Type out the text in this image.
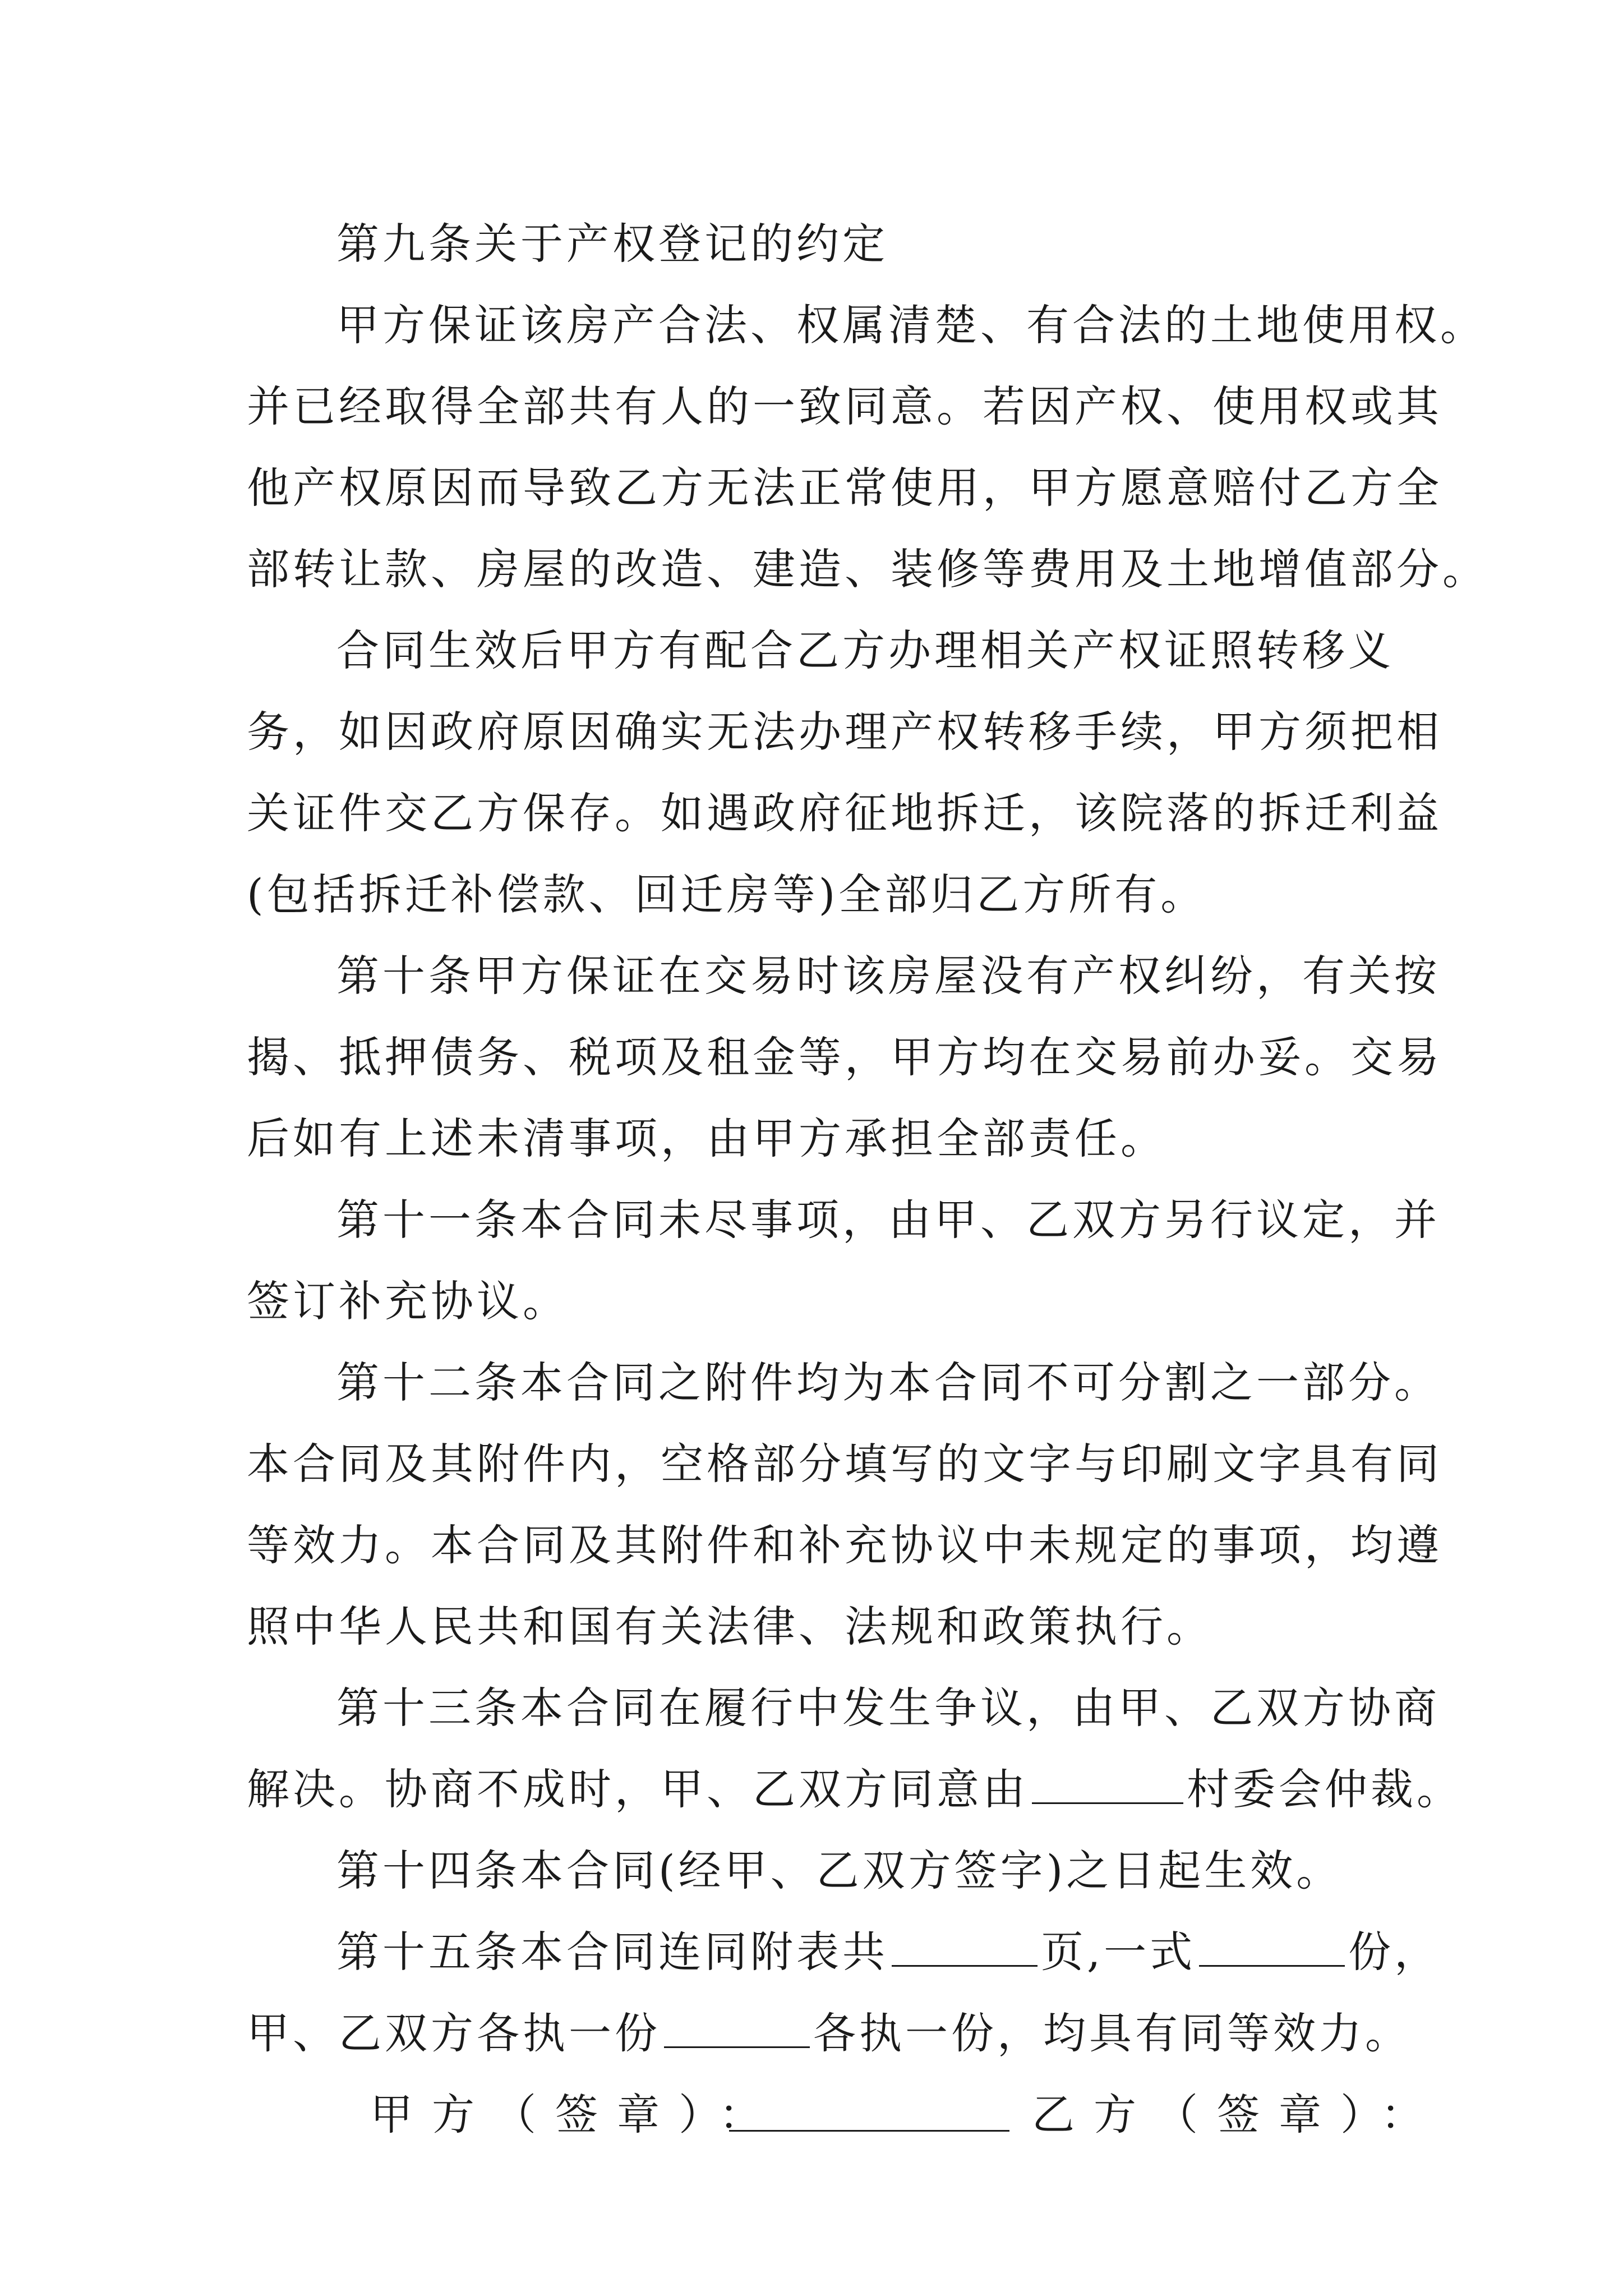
第九条关于产权登记的约定
甲方保证该房产合法、权属清楚、有合法的土地使用权。
并已经取得全部共有人的一致同意。若因产权、使用权或其
他产权原因而导致乙方无法正常使用，甲方愿意赔付乙方全
部转让款、房屋的改造、建造、装修等费用及土地增值部分。
合同生效后甲方有配合乙方办理相关产权证照转移义
务，如因政府原因确实无法办理产权转移手续，甲方须把相
关证件交乙方保存。如遇政府征地拆迁，该院落的拆迁利益
(包括拆迁补偿款、回迁房等)全部归乙方所有。
第十条甲方保证在交易时该房屋没有产权纠纷，有关按
揭、抵押债务、税项及租金等，甲方均在交易前办妥。交易
后如有上述未清事项，由甲方承担全部责任。
第十一条本合同未尽事项，由甲、乙双方另行议定，并
签订补充协议。
第十二条本合同之附件均为本合同不可分割之一部分。
本合同及其附件内，空格部分填写的文字与印刷文字具有同
等效力。本合同及其附件和补充协议中未规定的事项，均遵
照中华人民共和国有关法律、法规和政策执行。
第十三条本合同在履行中发生争议，由甲、乙双方协商
解决。协商不成时，甲、乙双方同意由	村委会仲裁。
第十四条本合同(经甲、乙双方签字)之日起生效。
第十五条本合同连同附表共	页,一式	份，
甲、乙双方各执一份	各执一份，均具有同等效力。
甲方（签章）：	乙方（签章）：
